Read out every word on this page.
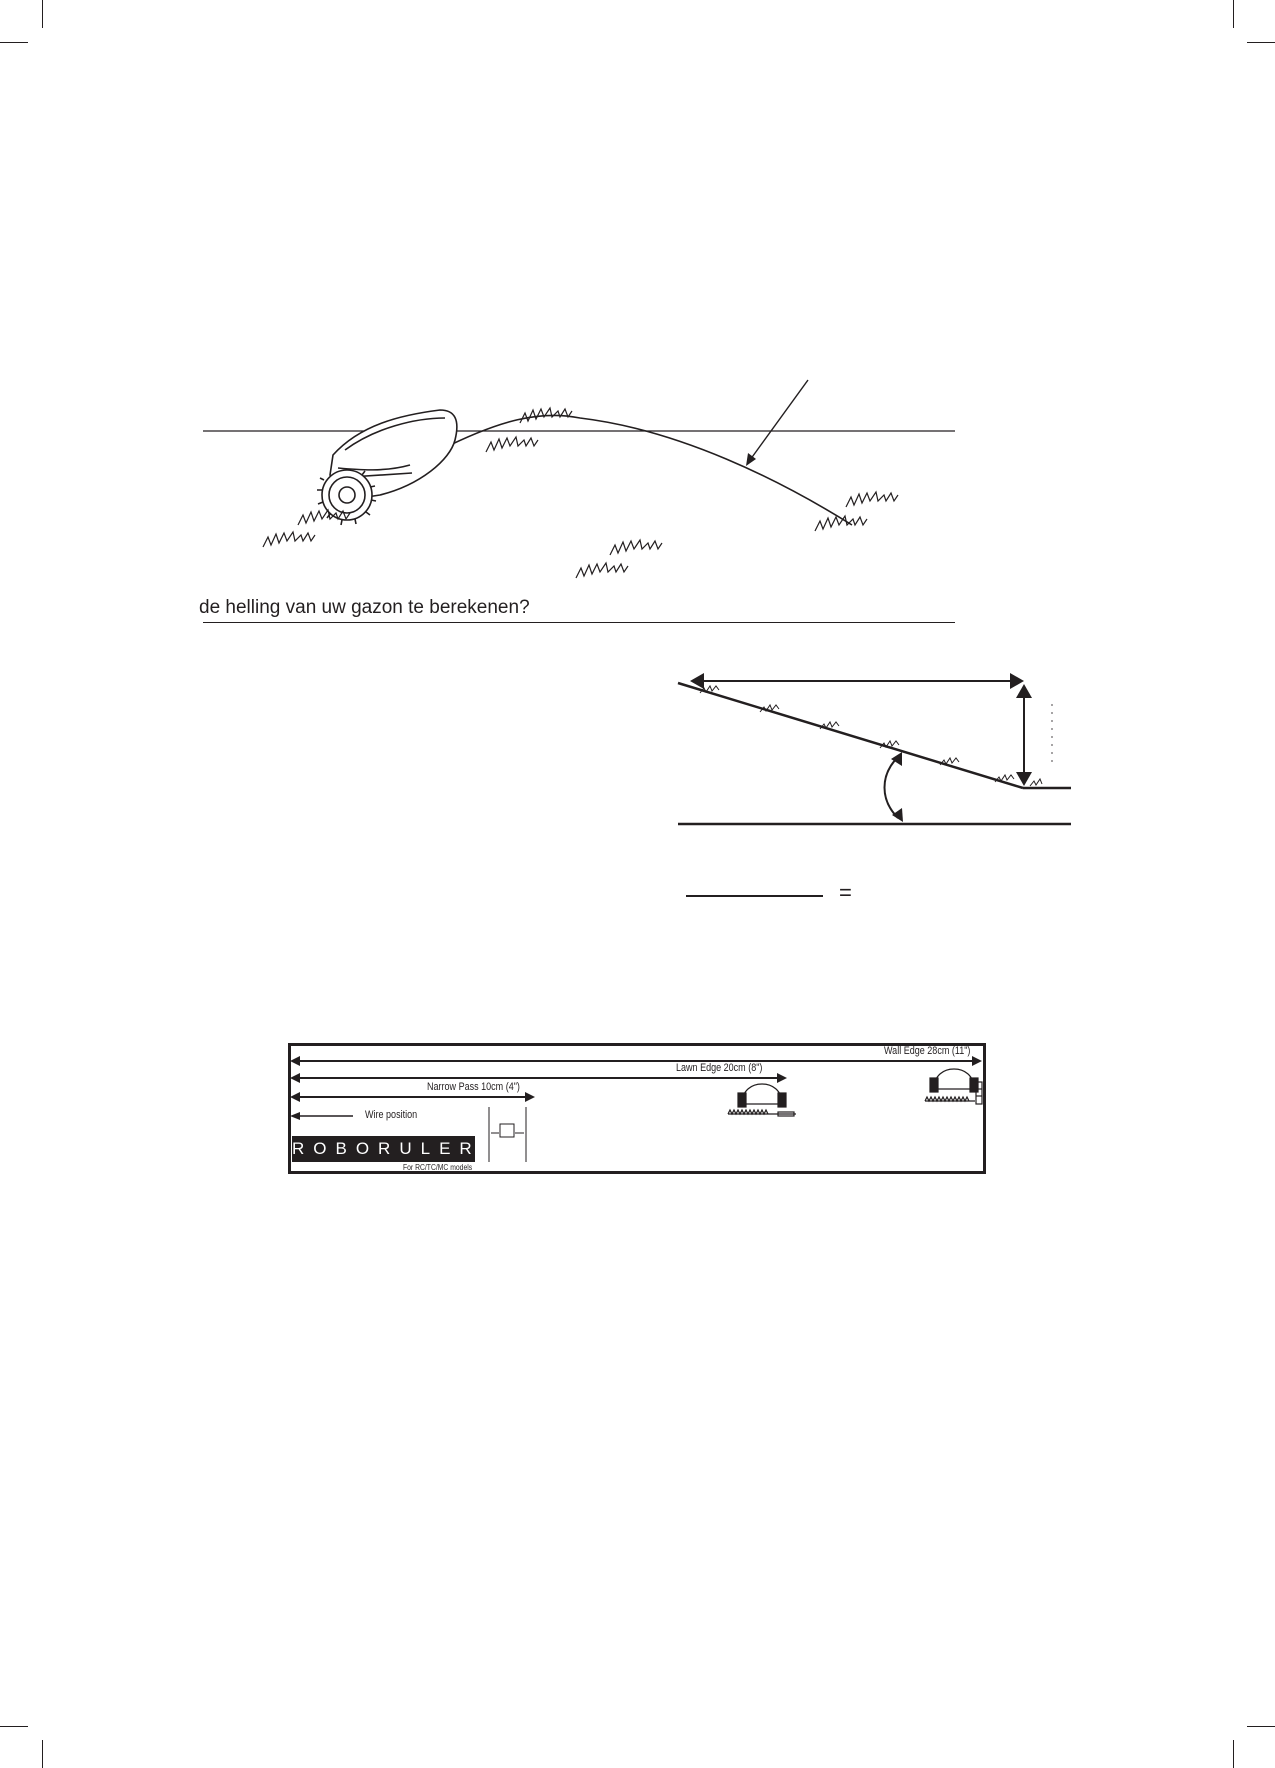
de helling van uw gazon te berekenen?
=
Wall Edge 28cm (11")
Lawn Edge 20cm (8")
Narrow Pass 10cm (4")
Wire position
ROBORULER
For RC/TC/MC models
